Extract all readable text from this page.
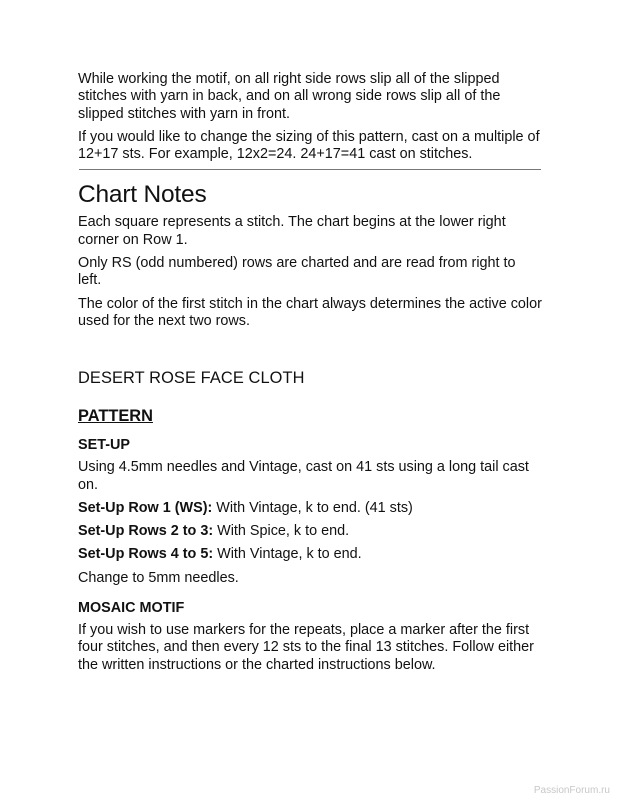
While working the motif, on all right side rows slip all of the slipped stitches with yarn in back, and on all wrong side rows slip all of the slipped stitches with yarn in front.

If you would like to change the sizing of this pattern, cast on a multiple of 12+17 sts. For example, 12x2=24. 24+17=41 cast on stitches.

Chart Notes

Each square represents a stitch. The chart begins at the lower right corner on Row 1.

Only RS (odd numbered) rows are charted and are read from right to left.

The color of the first stitch in the chart always determines the active color used for the next two rows.

DESERT ROSE FACE CLOTH
PATTERN
SET-UP

Using 4.5mm needles and Vintage, cast on 41 sts using a long tail cast on.

Set-Up Row 1 (WS): With Vintage, k to end. (41 sts)

Set-Up Rows 2 to 3: With Spice, k to end.

Set-Up Rows 4 to 5: With Vintage, k to end.

Change to 5mm needles.

MOSAIC MOTIF

If you wish to use markers for the repeats, place a marker after the first four stitches, and then every 12 sts to the final 13 stitches. Follow either the written instructions or the charted instructions below.

PassionForum.ru
